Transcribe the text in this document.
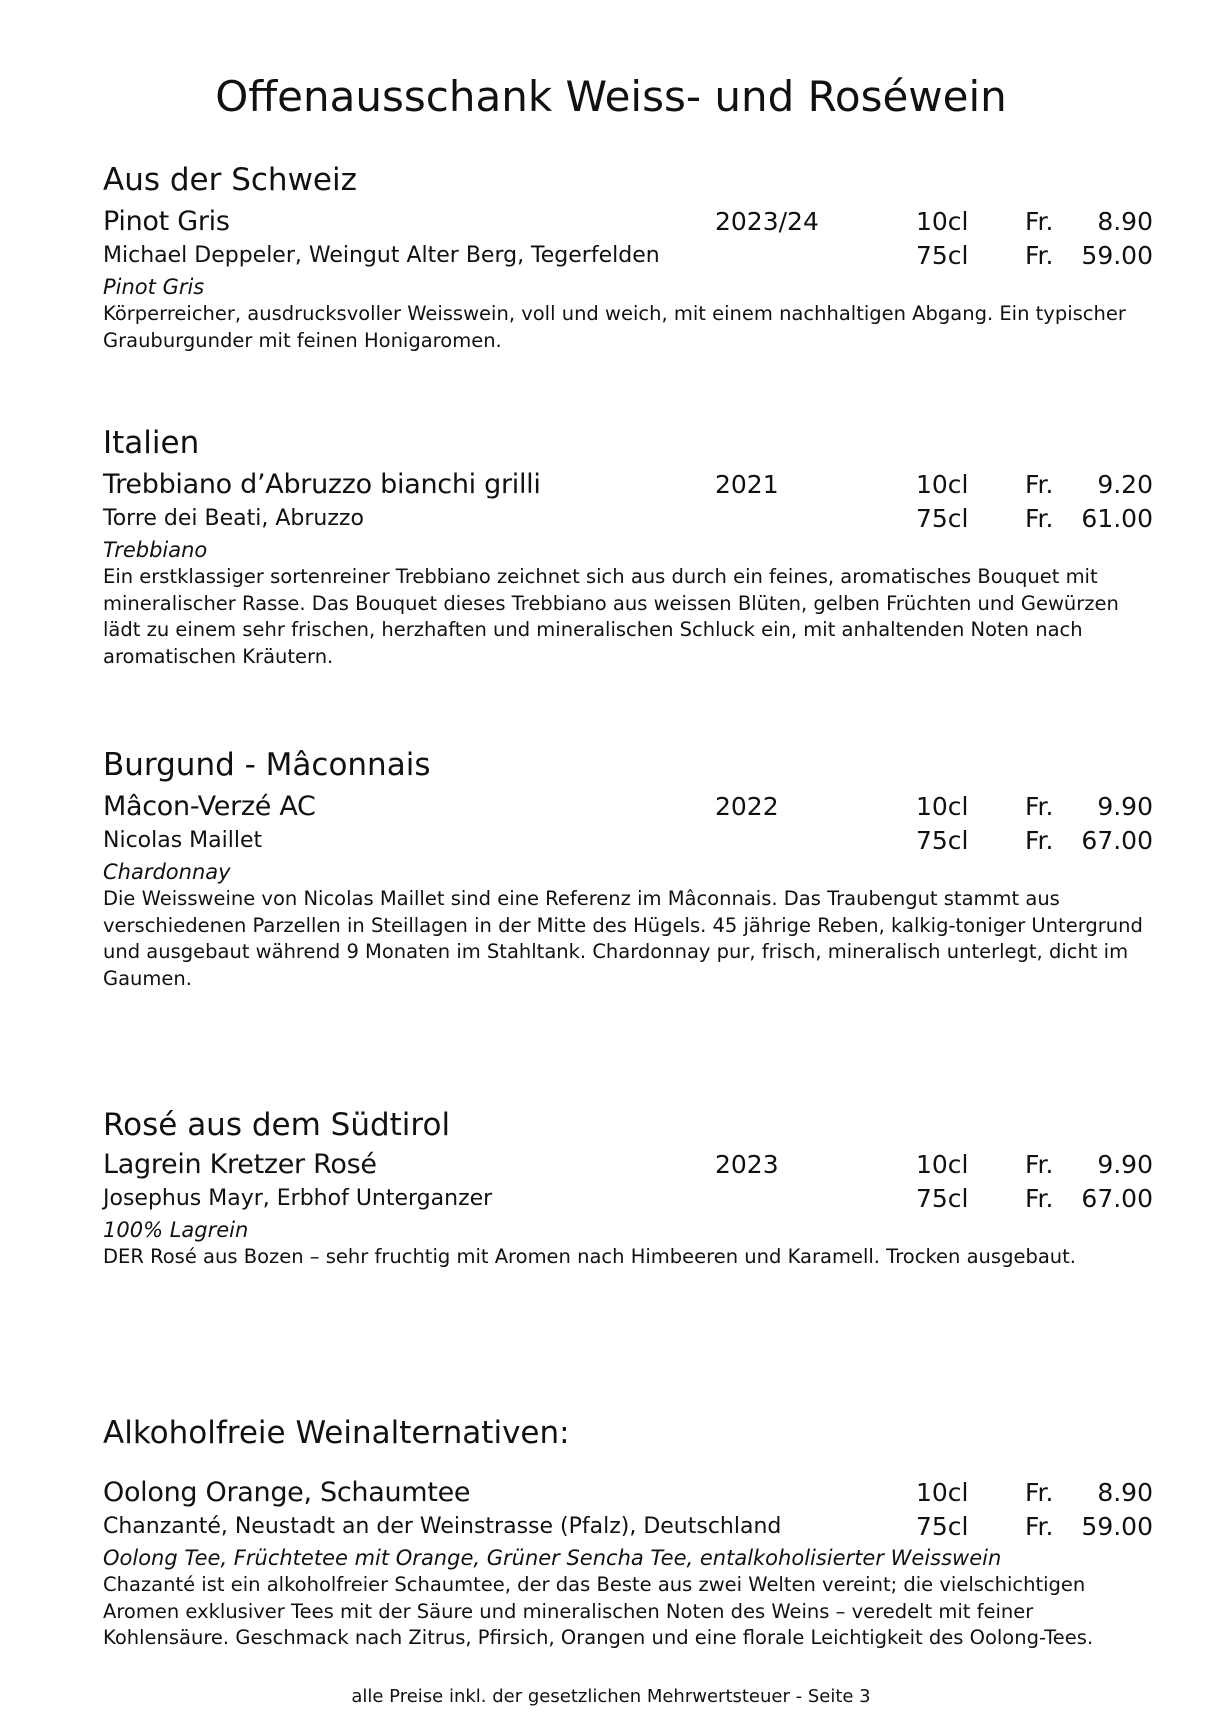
Offenausschank Weiss- und Roséwein
Aus der Schweiz
Pinot Gris	2023/24	10cl Fr. 8.90
Michael Deppeler, Weingut Alter Berg, Tegerfelden	75cl Fr. 59.00
Pinot Gris

Körperreicher, ausdrucksvoller Weisswein, voll und weich, mit einem nachhaltigen Abgang. Ein typischer Grauburgunder mit feinen Honigaromen.

Italien
Trebbiano d’Abruzzo bianchi grilli	2021	10cl Fr. 9.20
Torre dei Beati, Abruzzo	75cl Fr. 61.00
Trebbiano

Ein erstklassiger sortenreiner Trebbiano zeichnet sich aus durch ein feines, aromatisches Bouquet mit mineralischer Rasse. Das Bouquet dieses Trebbiano aus weissen Blüten, gelben Früchten und Gewürzen lädt zu einem sehr frischen, herzhaften und mineralischen Schluck ein, mit anhaltenden Noten nach aromatischen Kräutern.

Burgund - Mâconnais
Mâcon-Verzé AC	2022	10cl Fr. 9.90
Nicolas Maillet	75cl Fr. 67.00
Chardonnay

Die Weissweine von Nicolas Maillet sind eine Referenz im Mâconnais. Das Traubengut stammt aus verschiedenen Parzellen in Steillagen in der Mitte des Hügels. 45 jährige Reben, kalkig-toniger Untergrund und ausgebaut während 9 Monaten im Stahltank. Chardonnay pur, frisch, mineralisch unterlegt, dicht im Gaumen.

Rosé aus dem Südtirol
Lagrein Kretzer Rosé	2023	10cl Fr. 9.90
Josephus Mayr, Erbhof Unterganzer	75cl Fr. 67.00
100% Lagrein

DER Rosé aus Bozen – sehr fruchtig mit Aromen nach Himbeeren und Karamell. Trocken ausgebaut.

Alkoholfreie Weinalternativen:
Oolong Orange, Schaumtee	10cl Fr. 8.90
Chanzanté, Neustadt an der Weinstrasse (Pfalz), Deutschland	75cl Fr. 59.00
Oolong Tee, Früchtetee mit Orange, Grüner Sencha Tee, entalkoholisierter Weisswein

Chazanté ist ein alkoholfreier Schaumtee, der das Beste aus zwei Welten vereint; die vielschichtigen Aromen exklusiver Tees mit der Säure und mineralischen Noten des Weins – veredelt mit feiner Kohlensäure. Geschmack nach Zitrus, Pfirsich, Orangen und eine florale Leichtigkeit des Oolong-Tees.

alle Preise inkl. der gesetzlichen Mehrwertsteuer - Seite 3
